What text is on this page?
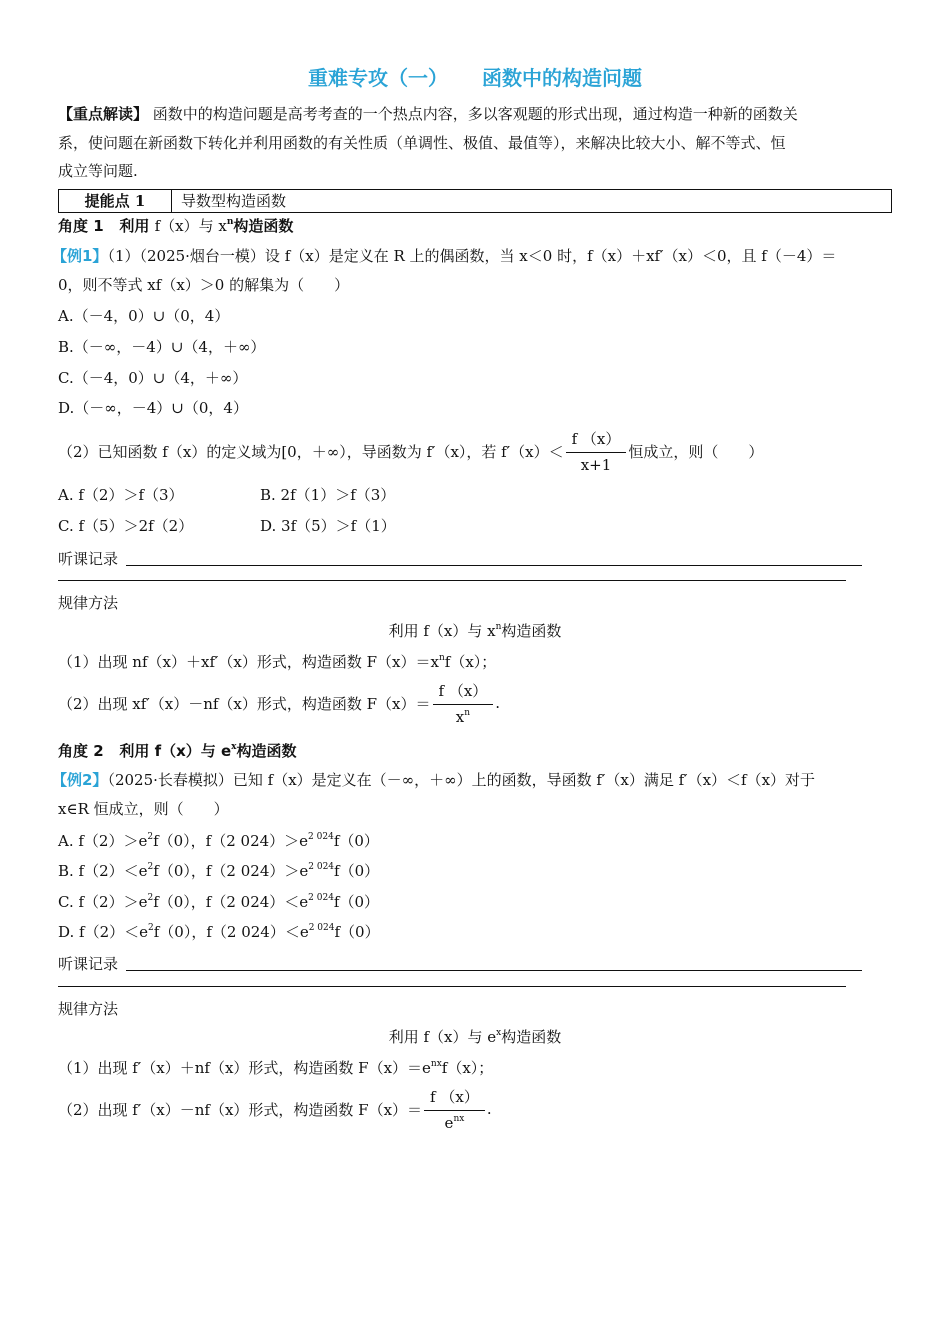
重难专攻（一） 函数中的构造问题
【重点解读】 函数中的构造问题是高考考查的一个热点内容，多以客观题的形式出现，通过构造一种新的函数关
系，使问题在新函数下转化并利用函数的有关性质（单调性、极值、最值等），来解决比较大小、解不等式、恒
成立等问题.
提能点 1	导数型构造函数
角度 1 利用 f（x）与 $x^n$构造函数
【例1】（1）（2025·烟台一模）设 f（x）是定义在 R 上的偶函数，当 x＜0 时，f（x）＋xf′（x）＜0，且 f（－4）＝
0，则不等式 xf（x）＞0 的解集为（　　）
A.（－4，0）∪（0，4）
B.（－∞，－4）∪（4，＋∞）
C.（－4，0）∪（4，＋∞）
D.（－∞，－4）∪（0，4）
（2）已知函数 f（x）的定义域为[0，＋∞），导函数为 f′（x），若 $f'(x)< \frac{f (x)}{x+1}$ 恒成立，则（　　）
A. f（2）＞f（3）	B. 2f（1）＞f（3）
C. f（5）＞2f（2）	D. 3f（5）＞f（1）
听课记录
规律方法
利用 f（x）与 $x^n$构造函数
（1）出现 nf（x）＋xf′（x）形式，构造函数 $F(x)=x^nf(x)$；
（2）出现 xf′（x）－nf（x）形式，构造函数 $F(x)= \frac{f (x)}{x^n}$ .
角度 2 利用 f（x）与 $e^x$构造函数
【例2】（2025·长春模拟）已知 f（x）是定义在（－∞，＋∞）上的函数，导函数 f′（x）满足 f′（x）＜f（x）对于
x∈R 恒成立，则（　　）
A. $f(2)>e^2f(0)$，f（2 $024)>e^{2 024}f(0)$
B. $f(2)<e^2f(0)$，f（2 $024)>e^{2 024}f(0)$
C. $f(2)>e^2f(0)$，f（2 $024)<e^{2 024}f(0)$
D. $f(2)<e^2f(0)$，f（2 $024)<e^{2 024}f(0)$
听课记录
规律方法
利用 f（x）与 $e^x$构造函数
（1）出现 f′（x）＋nf（x）形式，构造函数 $F(x)=e^{nx}f(x)$；
（2）出现 f′（x）－nf（x）形式，构造函数 $F(x)= \frac{f (x)}{e^{nx}}$ .
